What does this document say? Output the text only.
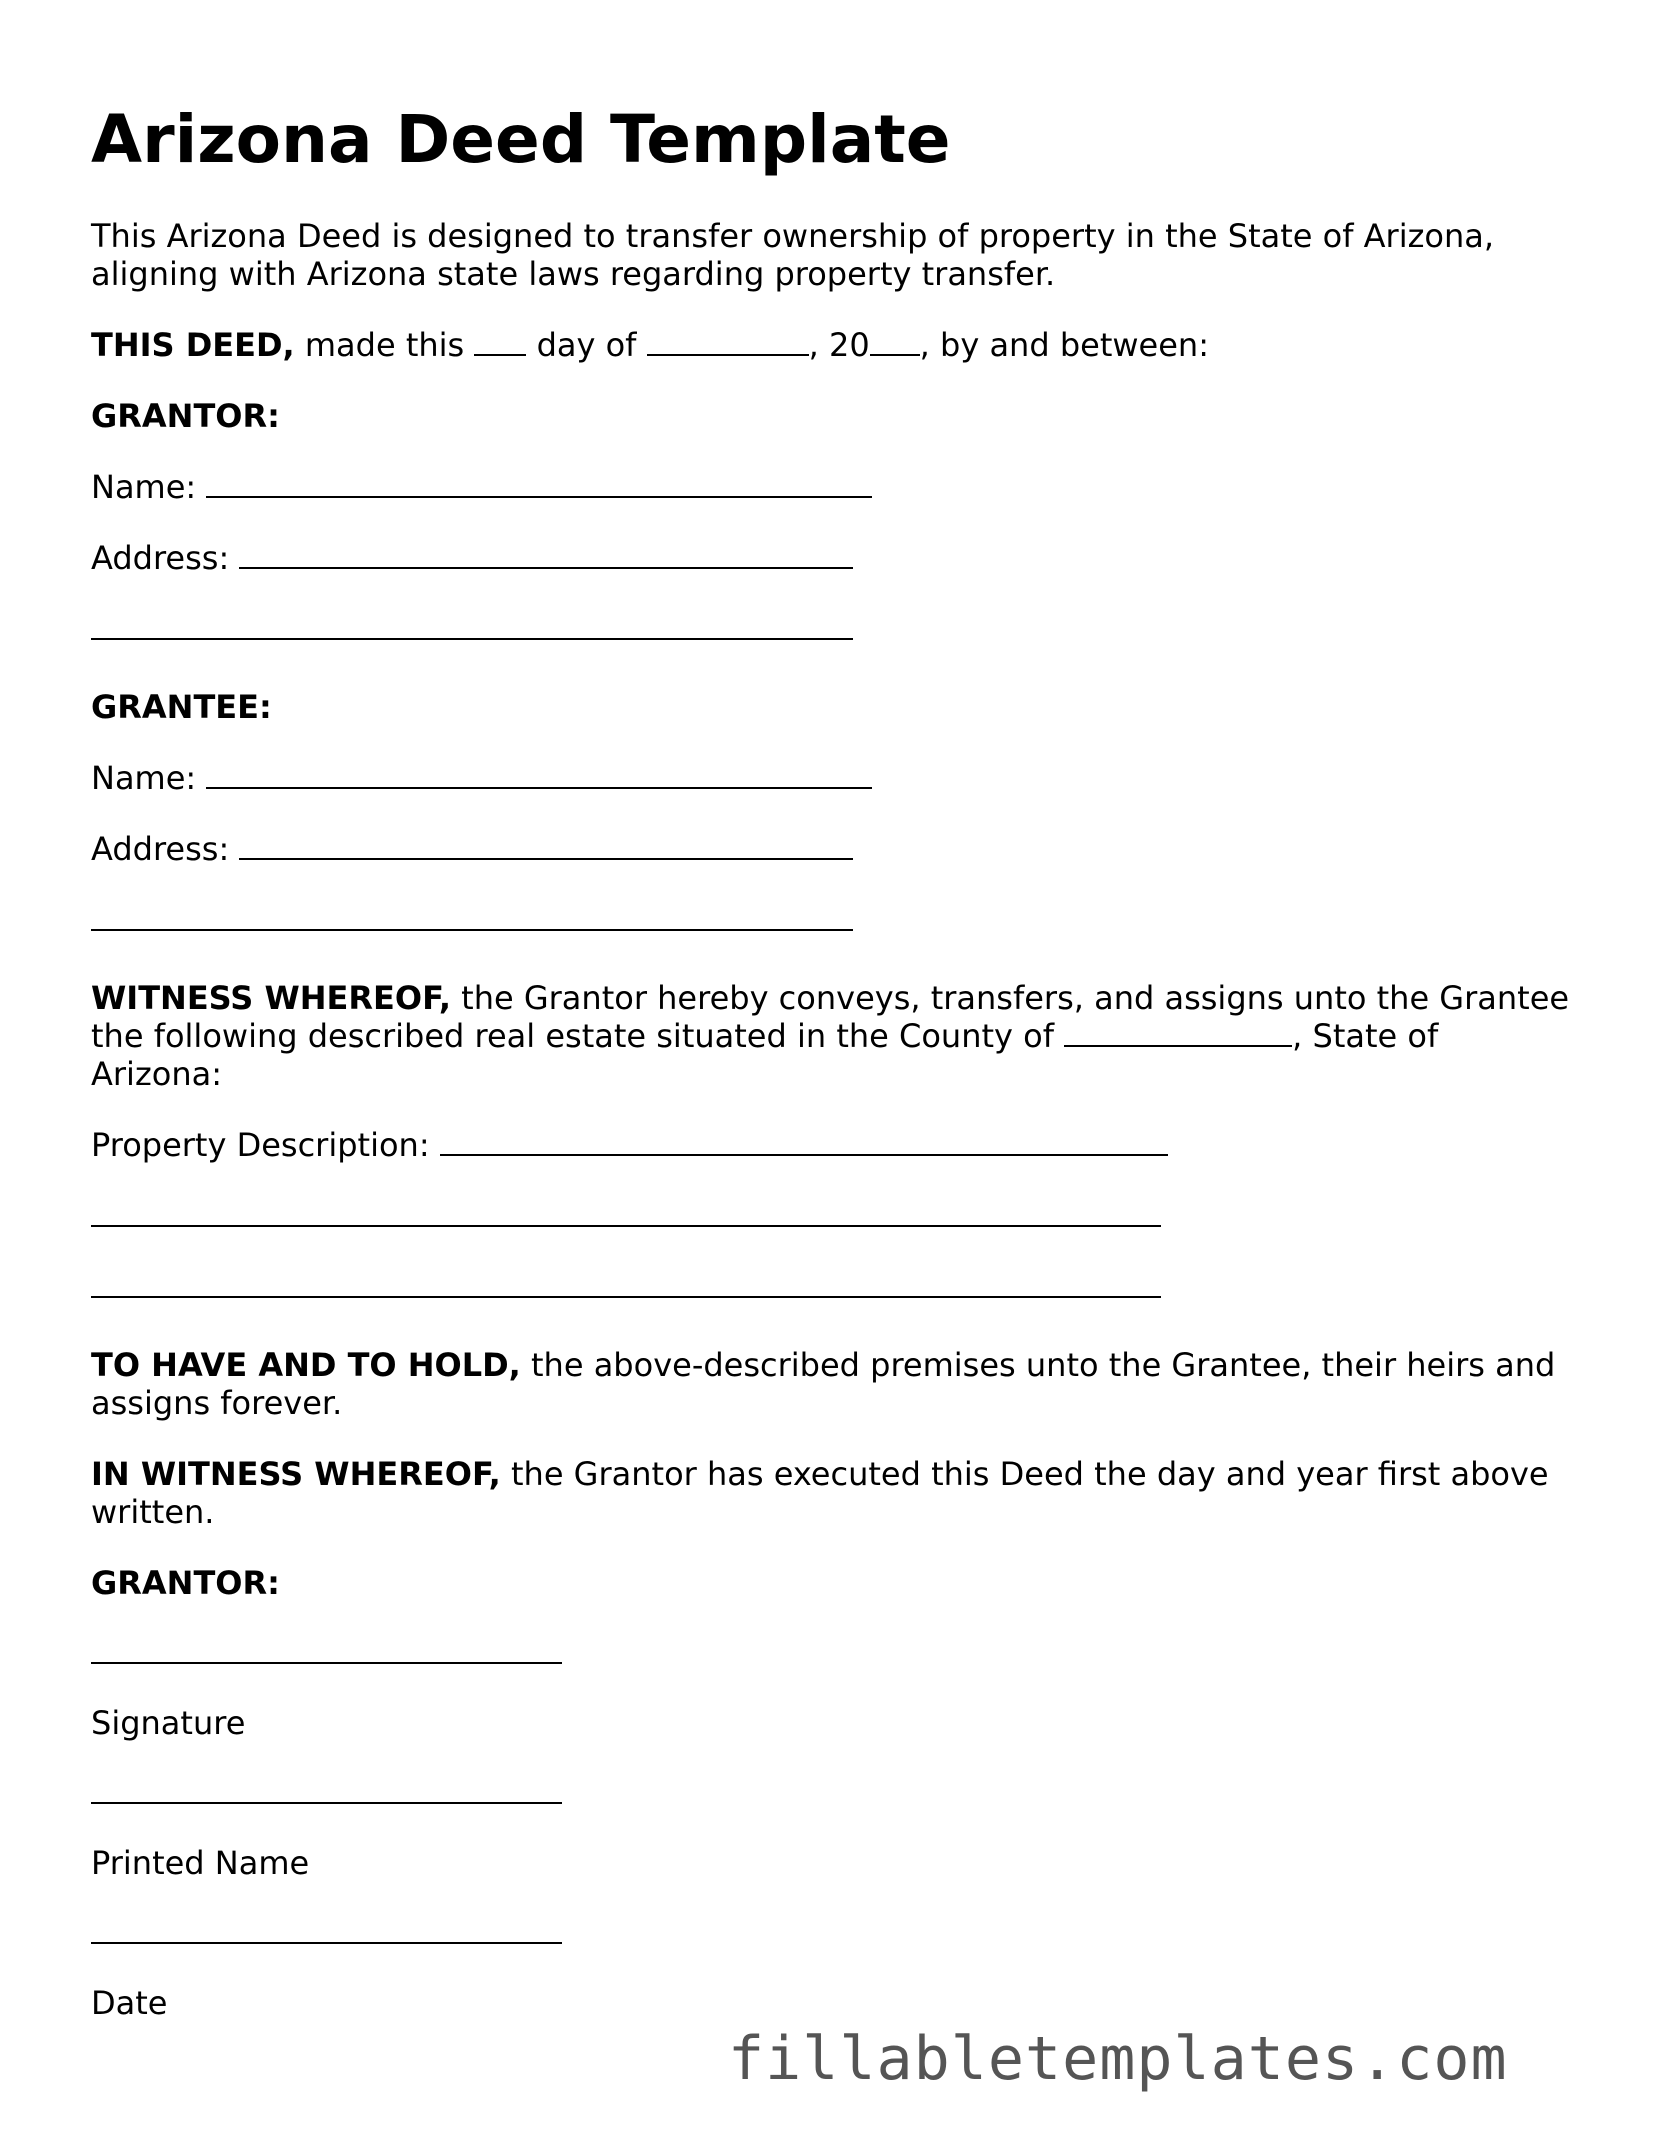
Arizona Deed Template

This Arizona Deed is designed to transfer ownership of property in the State of Arizona, aligning with Arizona state laws regarding property transfer.

THIS DEED, made this  day of	, 20 , by and between:

GRANTOR:

Name:

Address:

GRANTEE:

Name:

Address:

WITNESS WHEREOF, the Grantor hereby conveys, transfers, and assigns unto the Grantee the following described real estate situated in the County of	, State of Arizona:

Property Description:

TO HAVE AND TO HOLD, the above-described premises unto the Grantee, their heirs and assigns forever.

IN WITNESS WHEREOF, the Grantor has executed this Deed the day and year first above written.

GRANTOR:

Signature

Printed Name

Date

fillabletemplates.com
